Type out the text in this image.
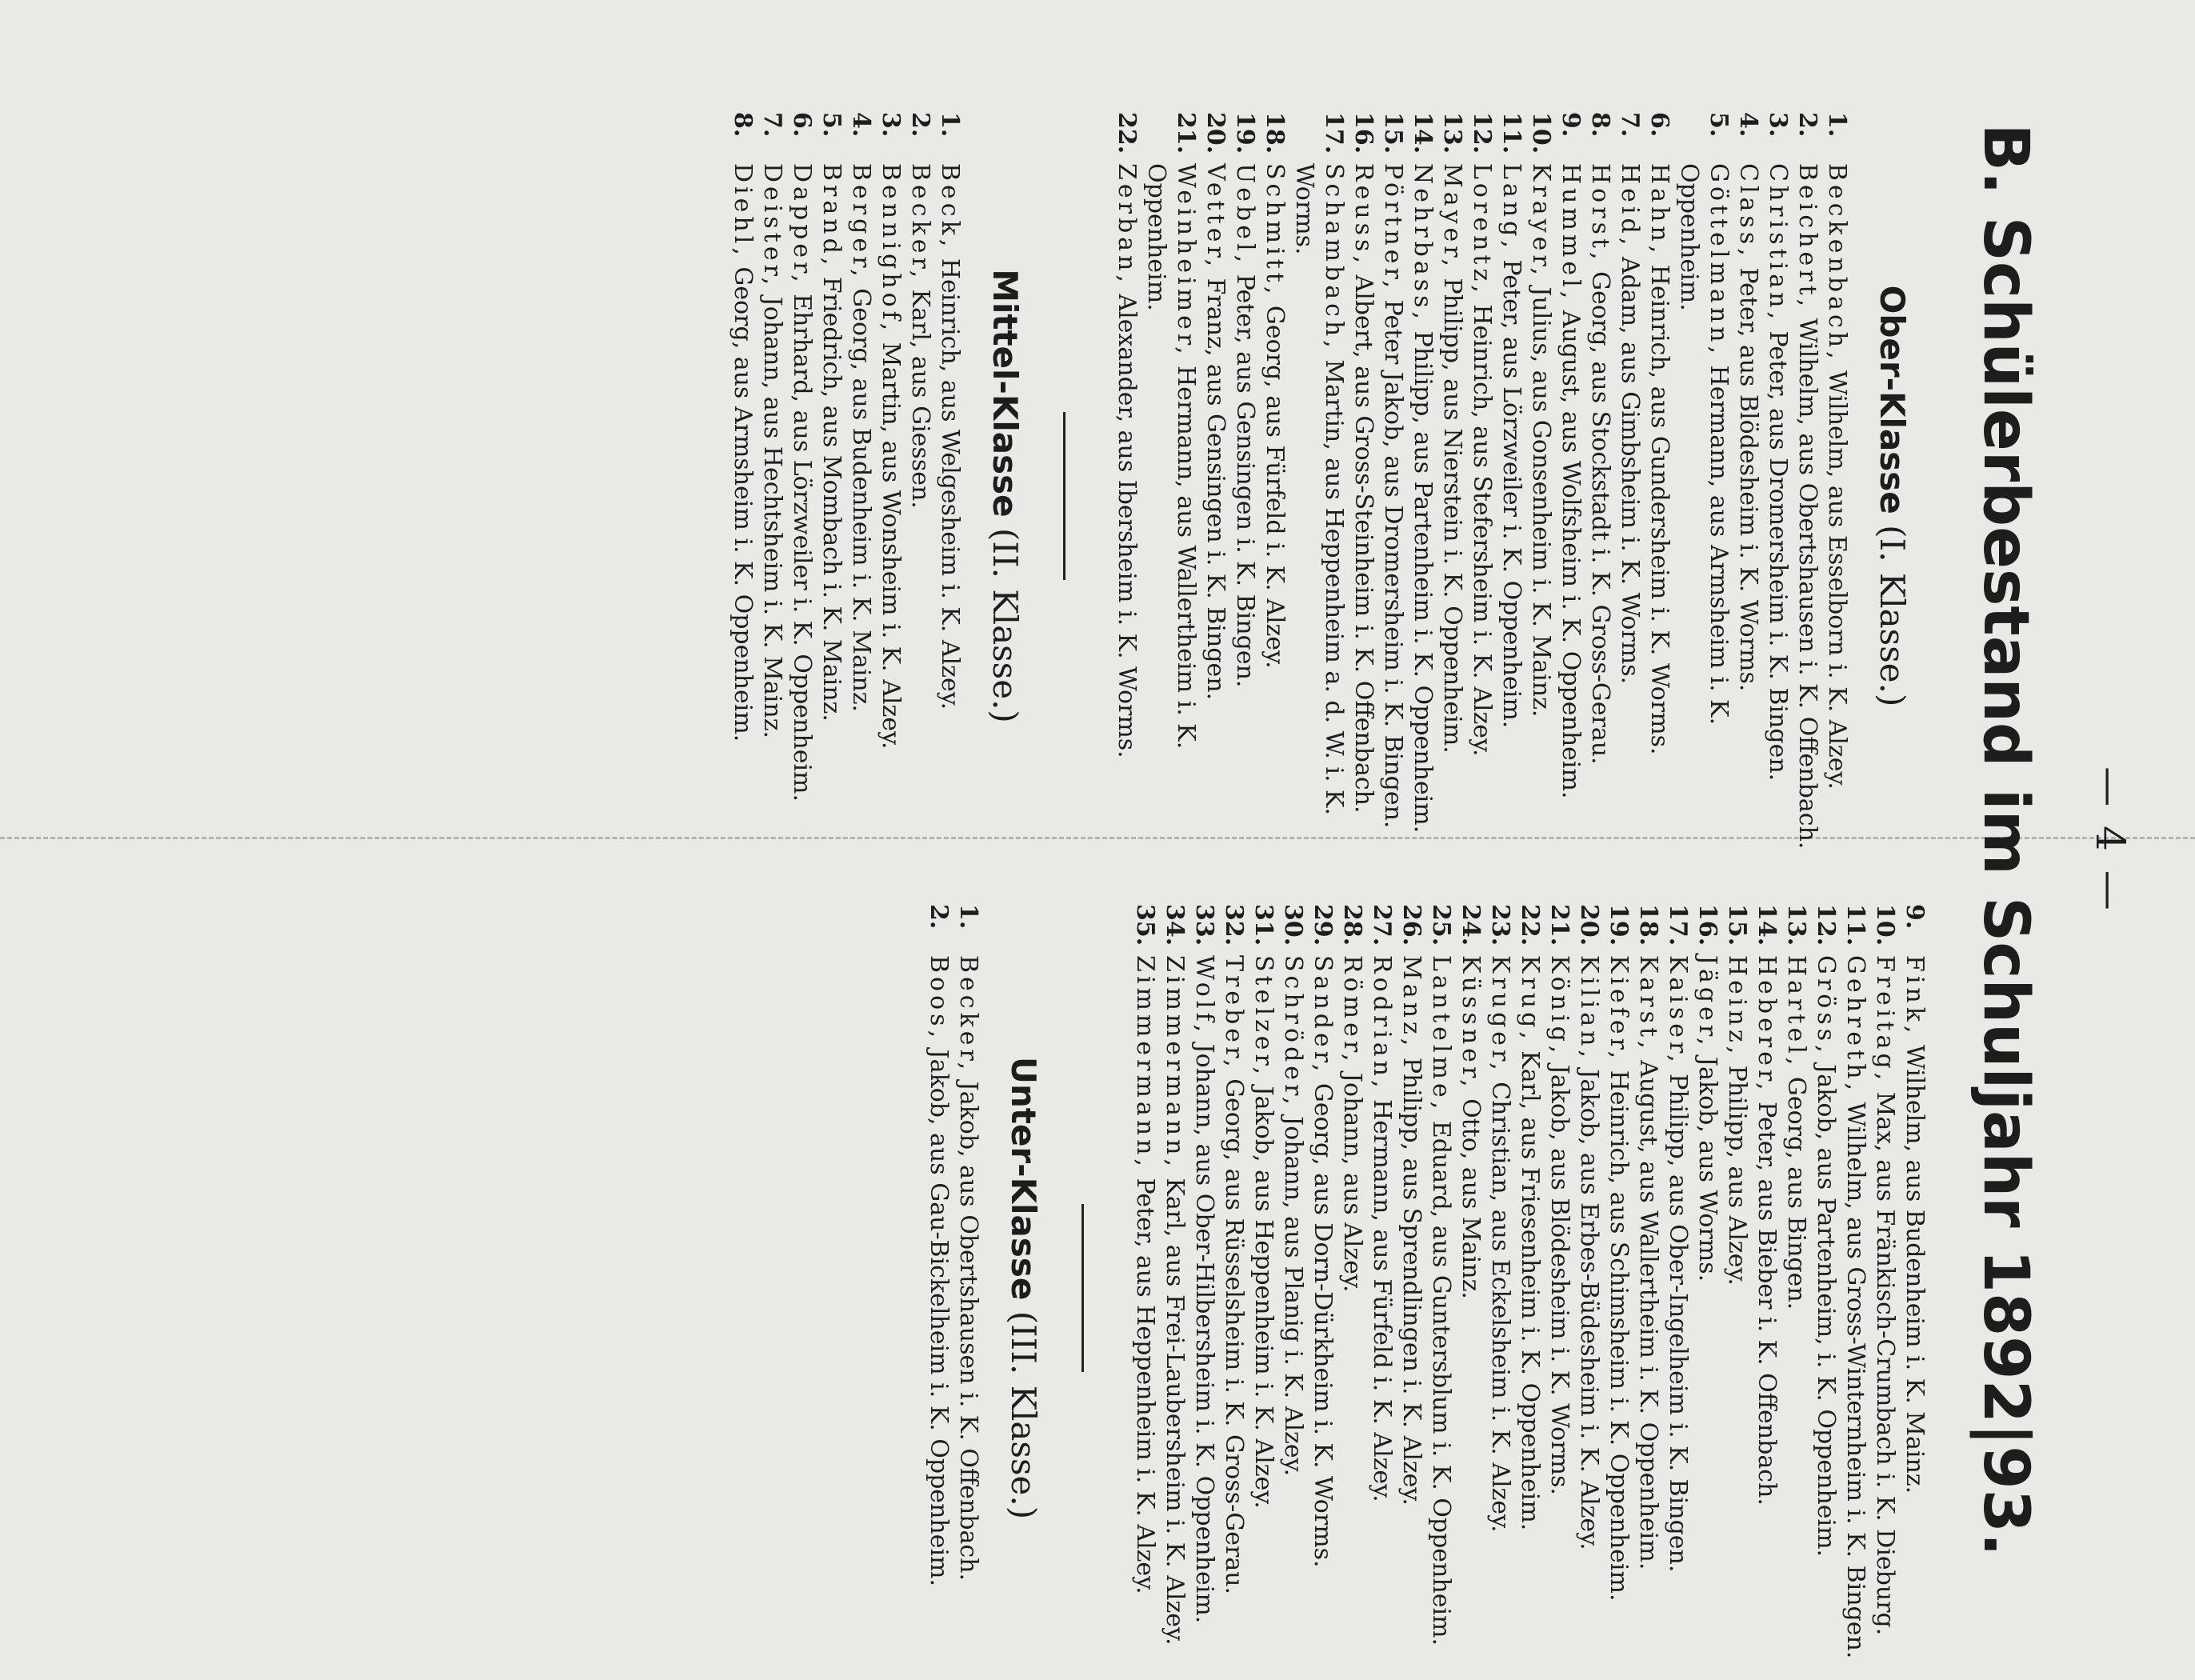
— 4 —
B. Schülerbestand im Schuljahr 1892|93.
Ober-Klasse (I. Klasse.)
1.
Beckenbach, Wilhelm, aus Esselborn i. K. Alzey.
2.
Beichert, Wilhelm, aus Obertshausen i. K. Offenbach.
3.
Christian, Peter, aus Dromersheim i. K. Bingen.
4.
Class, Peter, aus Blödesheim i. K. Worms.
5.
Göttelmann, Hermann, aus Armsheim i. K. Oppenheim.
6.
Hahn, Heinrich, aus Gundersheim i. K. Worms.
7.
Heid, Adam, aus Gimbsheim i. K. Worms.
8.
Horst, Georg, aus Stockstadt i. K. Gross-Gerau.
9.
Hummel, August, aus Wolfsheim i. K. Oppenheim.
10.
Krayer, Julius, aus Gonsenheim i. K. Mainz.
11.
Lang, Peter, aus Lörzweiler i. K. Oppenheim.
12.
Lorentz, Heinrich, aus Stefersheim i. K. Alzey.
13.
Mayer, Philipp, aus Nierstein i. K. Oppenheim.
14.
Nehrbass, Philipp, aus Partenheim i. K. Oppenheim.
15.
Pörtner, Peter Jakob, aus Dromersheim i. K. Bingen.
16.
Reuss, Albert, aus Gross-Steinheim i. K. Offenbach.
17.
Schambach, Martin, aus Heppenheim a. d. W. i. K. Worms.
18.
Schmitt, Georg, aus Fürfeld i. K. Alzey.
19.
Uebel, Peter, aus Gensingen i. K. Bingen.
20.
Vetter, Franz, aus Gensingen i. K. Bingen.
21.
Weinheimer, Hermann, aus Wallertheim i. K. Oppenheim.
22.
Zerban, Alexander, aus Ibersheim i. K. Worms.
Mittel-Klasse (II. Klasse.)
1.
Beck, Heinrich, aus Welgesheim i. K. Alzey.
2.
Becker, Karl, aus Giessen.
3.
Bennighof, Martin, aus Wonsheim i. K. Alzey.
4.
Berger, Georg, aus Budenheim i. K. Mainz.
5.
Brand, Friedrich, aus Mombach i. K. Mainz.
6.
Dapper, Ehrhard, aus Lörzweiler i. K. Oppenheim.
7.
Deister, Johann, aus Hechtsheim i. K. Mainz.
8.
Diehl, Georg, aus Armsheim i. K. Oppenheim.
9.
Fink, Wilhelm, aus Budenheim i. K. Mainz.
10.
Freitag, Max, aus Fränkisch-Crumbach i. K. Dieburg.
11.
Gehreth, Wilhelm, aus Gross-Winternheim i. K. Bingen.
12.
Gröss, Jakob, aus Partenheim, i. K. Oppenheim.
13.
Hartel, Georg, aus Bingen.
14.
Heberer, Peter, aus Bieber i. K. Offenbach.
15.
Heinz, Philipp, aus Alzey.
16.
Jäger, Jakob, aus Worms.
17.
Kaiser, Philipp, aus Ober-Ingelheim i. K. Bingen.
18.
Karst, August, aus Wallertheim i. K. Oppenheim.
19.
Kiefer, Heinrich, aus Schimsheim i. K. Oppenheim.
20.
Kilian, Jakob, aus Erbes-Büdesheim i. K. Alzey.
21.
König, Jakob, aus Blödesheim i. K. Worms.
22.
Krug, Karl, aus Friesenheim i. K. Oppenheim.
23.
Kruger, Christian, aus Eckelsheim i. K. Alzey.
24.
Küssner, Otto, aus Mainz.
25.
Lantelme, Eduard, aus Guntersblum i. K. Oppenheim.
26.
Manz, Philipp, aus Sprendlingen i. K. Alzey.
27.
Rodrian, Hermann, aus Fürfeld i. K. Alzey.
28.
Römer, Johann, aus Alzey.
29.
Sander, Georg, aus Dorn-Dürkheim i. K. Worms.
30.
Schröder, Johann, aus Planig i. K. Alzey.
31.
Stelzer, Jakob, aus Heppenheim i. K. Alzey.
32.
Treber, Georg, aus Rüsselsheim i. K. Gross-Gerau.
33.
Wolf, Johann, aus Ober-Hilbersheim i. K. Oppenheim.
34.
Zimmermann, Karl, aus Frei-Laubersheim i. K. Alzey.
35.
Zimmermann, Peter, aus Heppenheim i. K. Alzey.
Unter-Klasse (III. Klasse.)
1.
Becker, Jakob, aus Obertshausen i. K. Offenbach.
2.
Boos, Jakob, aus Gau-Bickelheim i. K. Oppenheim.
